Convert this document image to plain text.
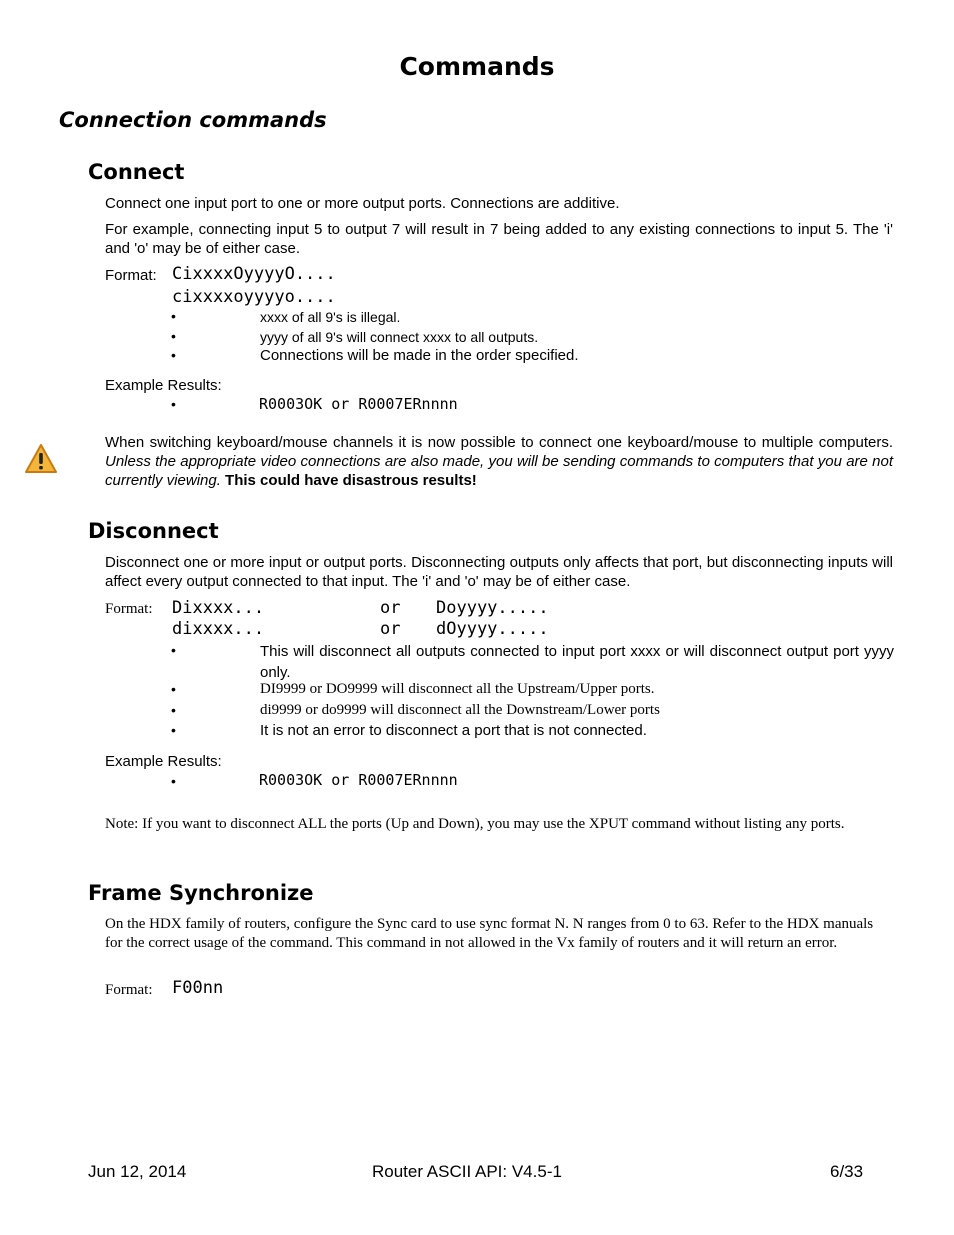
Commands
Connection commands
Connect
Connect one input port to one or more output ports. Connections are additive.
For example, connecting input 5 to output 7 will result in 7 being added to any existing connections to input 5. The 'i' and 'o' may be of either case.
Format: CixxxxOyyyyO....
cixxxxoyyyyo....
•	xxxx of all 9's is illegal.
•	yyyy of all 9's will connect xxxx to all outputs.
•	Connections will be made in the order specified.
Example Results:
•	R0003OK or R0007ERnnnn
When switching keyboard/mouse channels it is now possible to connect one keyboard/mouse to multiple computers. Unless the appropriate video connections are also made, you will be sending commands to computers that you are not currently viewing. This could have disastrous results!
Disconnect
Disconnect one or more input or output ports. Disconnecting outputs only affects that port, but disconnecting inputs will affect every output connected to that input. The 'i' and 'o' may be of either case.
Format: Dixxxx...	or Doyyyy.....
dixxxx...	or dOyyyy.....
•	This will disconnect all outputs connected to input port xxxx or will disconnect output port yyyy only.
•	DI9999 or DO9999 will disconnect all the Upstream/Upper ports.
•	di9999 or do9999 will disconnect all the Downstream/Lower ports
•	It is not an error to disconnect a port that is not connected.
Example Results:
•	R0003OK or R0007ERnnnn
Note: If you want to disconnect ALL the ports (Up and Down), you may use the XPUT command without listing any ports.
Frame Synchronize
On the HDX family of routers, configure the Sync card to use sync format N. N ranges from 0 to 63. Refer to the HDX manuals for the correct usage of the command. This command in not allowed in the Vx family of routers and it will return an error.
Format: F00nn
Jun 12, 2014	Router ASCII API: V4.5-1	6/33
